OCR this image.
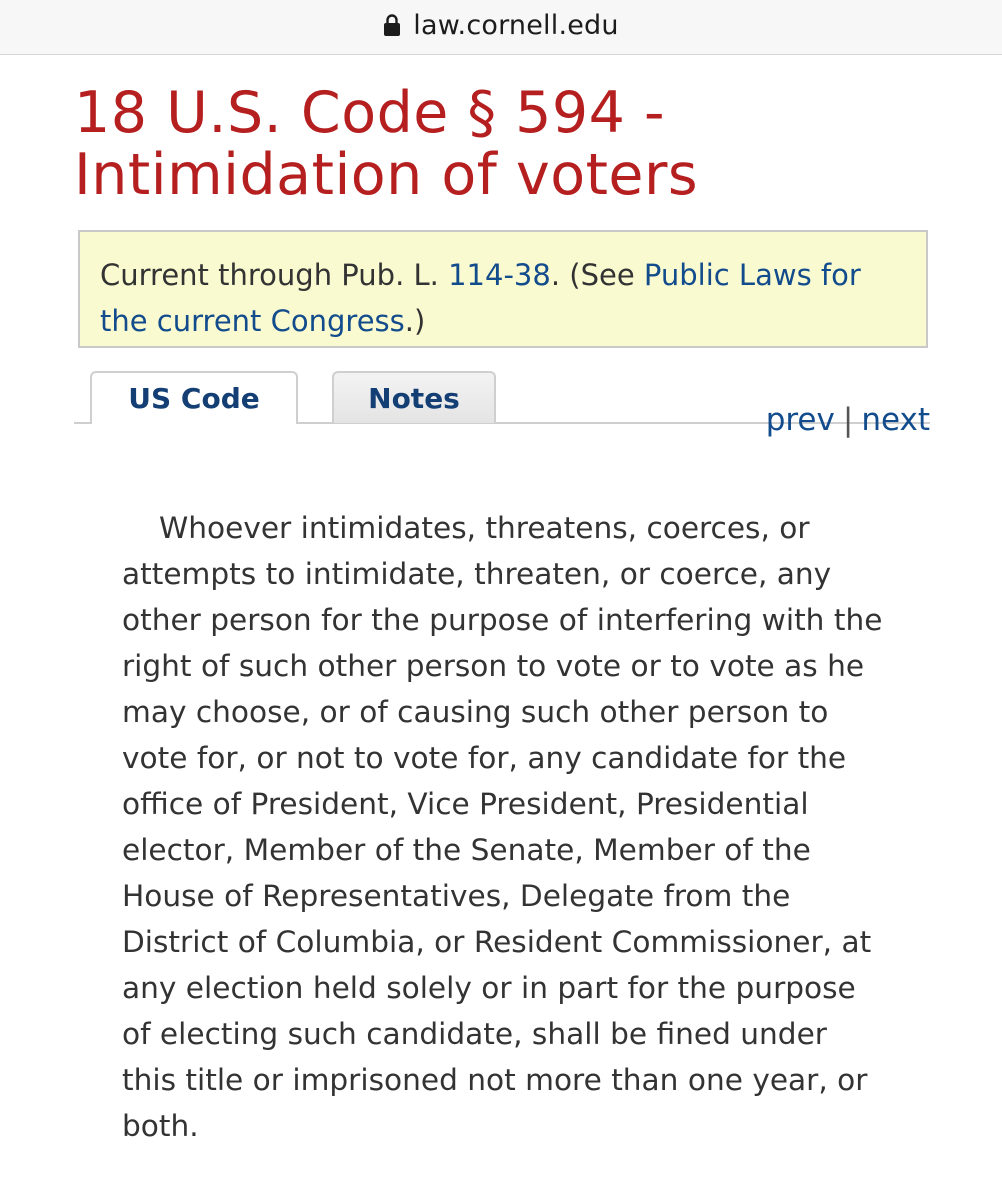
law.cornell.edu
18 U.S. Code § 594 - Intimidation of voters
Current through Pub. L. 114-38. (See Public Laws for the current Congress.)
US Code	Notes
prev | next

Whoever intimidates, threatens, coerces, or attempts to intimidate, threaten, or coerce, any other person for the purpose of interfering with the right of such other person to vote or to vote as he may choose, or of causing such other person to vote for, or not to vote for, any candidate for the office of President, Vice President, Presidential elector, Member of the Senate, Member of the House of Representatives, Delegate from the District of Columbia, or Resident Commissioner, at any election held solely or in part for the purpose of electing such candidate, shall be fined under this title or imprisoned not more than one year, or both.
